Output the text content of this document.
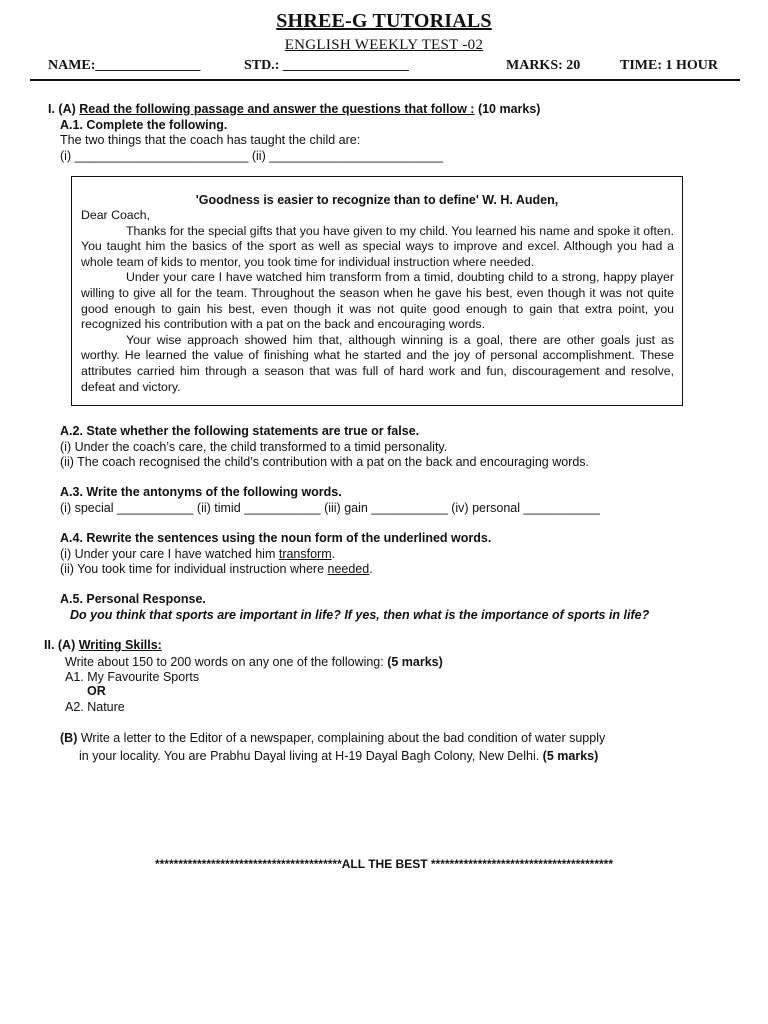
SHREE-G TUTORIALS
ENGLISH WEEKLY TEST -02
NAME:_______________	STD.: __________________	MARKS: 20	TIME: 1 HOUR
I. (A) Read the following passage and answer the questions that follow : (10 marks)
A.1. Complete the following.
The two things that the coach has taught the child are:
(i) _________________________ (ii) _________________________
'Goodness is easier to recognize than to define' W. H. Auden,

Dear Coach,

Thanks for the special gifts that you have given to my child. You learned his name and spoke it often. You taught him the basics of the sport as well as special ways to improve and excel. Although you had a whole team of kids to mentor, you took time for individual instruction where needed.

Under your care I have watched him transform from a timid, doubting child to a strong, happy player willing to give all for the team. Throughout the season when he gave his best, even though it was not quite good enough to gain his best, even though it was not quite good enough to gain that extra point, you recognized his contribution with a pat on the back and encouraging words.

Your wise approach showed him that, although winning is a goal, there are other goals just as worthy. He learned the value of finishing what he started and the joy of personal accomplishment. These attributes carried him through a season that was full of hard work and fun, discouragement and resolve, defeat and victory.

A.2. State whether the following statements are true or false.
(i) Under the coach’s care, the child transformed to a timid personality.
(ii) The coach recognised the child’s contribution with a pat on the back and encouraging words.
A.3. Write the antonyms of the following words.
(i) special ___________ (ii) timid ___________ (iii) gain ___________ (iv) personal ___________
A.4. Rewrite the sentences using the noun form of the underlined words.
(i) Under your care I have watched him transform.
(ii) You took time for individual instruction where needed.
A.5. Personal Response.
Do you think that sports are important in life? If yes, then what is the importance of sports in life?
II. (A) Writing Skills:
Write about 150 to 200 words on any one of the following: (5 marks)
A1. My Favourite Sports
OR
A2. Nature
(B) Write a letter to the Editor of a newspaper, complaining about the bad condition of water supply
in your locality. You are Prabhu Dayal living at H-19 Dayal Bagh Colony, New Delhi. (5 marks)
****************************************ALL THE BEST ***************************************
